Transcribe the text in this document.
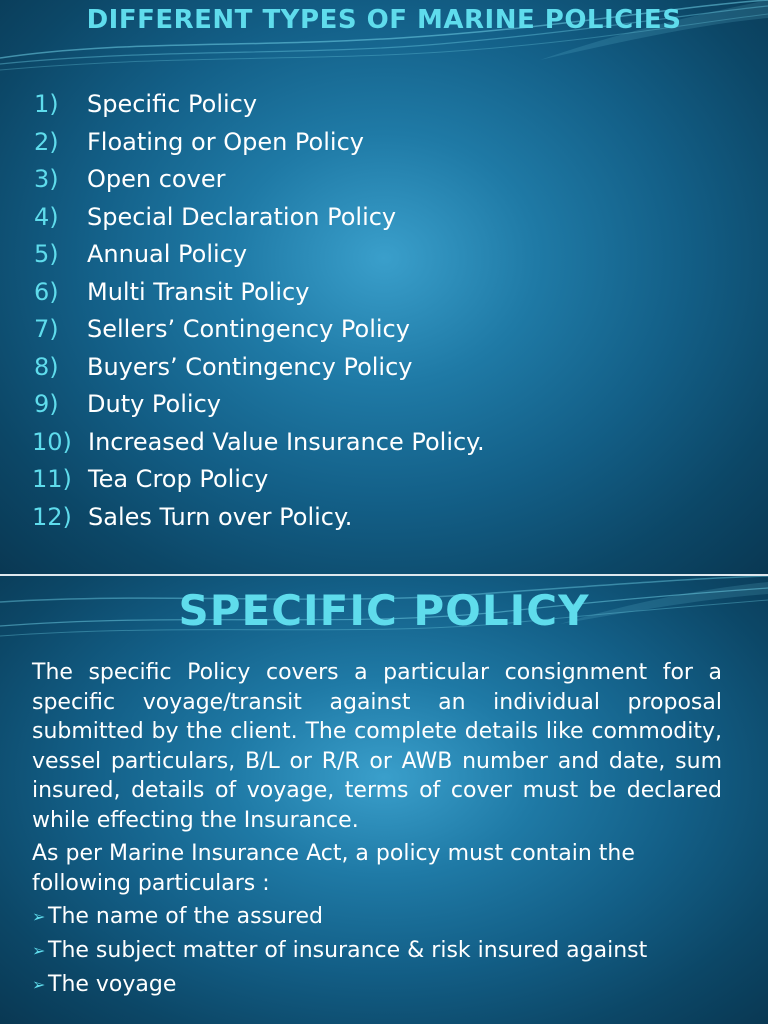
DIFFERENT TYPES OF MARINE POLICIES
1) Specific Policy
2) Floating or Open Policy
3) Open cover
4) Special Declaration Policy
5) Annual Policy
6) Multi Transit Policy
7) Sellers’ Contingency Policy
8) Buyers’ Contingency Policy
9) Duty Policy
10) Increased Value Insurance Policy.
11) Tea Crop Policy
12) Sales Turn over Policy.
SPECIFIC POLICY

The specific Policy covers a particular consignment for a specific voyage/transit against an individual proposal submitted by the client. The complete details like commodity, vessel particulars, B/L or R/R or AWB number and date, sum insured, details of voyage, terms of cover must be declared while effecting the Insurance.

As per Marine Insurance Act, a policy must contain the following particulars :

➢ The name of the assured
➢ The subject matter of insurance & risk insured against
➢ The voyage
